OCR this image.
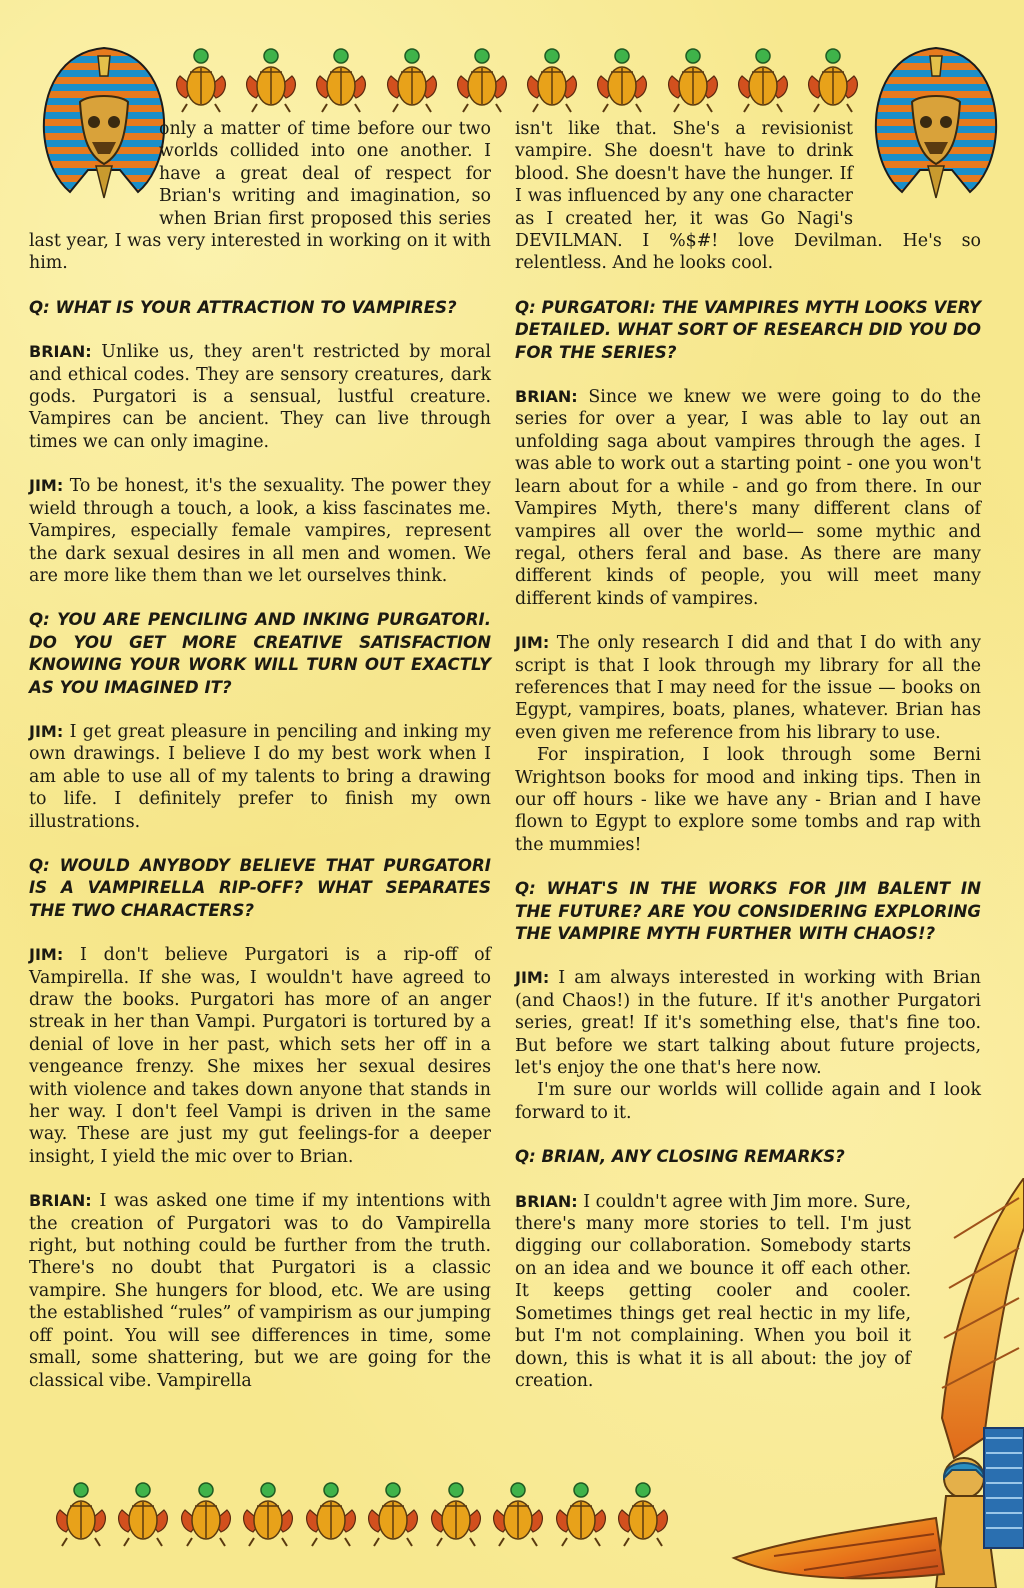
only a matter of time before our two worlds collided into one another. I have a great deal of respect for Brian's writing and imagination, so when Brian first proposed this series last year, I was very interested in working on it with him.

Q: WHAT IS YOUR ATTRACTION TO VAMPIRES?

BRIAN: Unlike us, they aren't restricted by moral and ethical codes. They are sensory creatures, dark gods. Purgatori is a sensual, lustful creature. Vampires can be ancient. They can live through times we can only imagine.

JIM: To be honest, it's the sexuality. The power they wield through a touch, a look, a kiss fascinates me. Vampires, especially female vampires, represent the dark sexual desires in all men and women. We are more like them than we let ourselves think.

Q: YOU ARE PENCILING AND INKING PURGATORI. DO YOU GET MORE CREATIVE SATISFACTION KNOWING YOUR WORK WILL TURN OUT EXACTLY AS YOU IMAGINED IT?

JIM: I get great pleasure in penciling and inking my own drawings. I believe I do my best work when I am able to use all of my talents to bring a drawing to life. I definitely prefer to finish my own illustrations.

Q: WOULD ANYBODY BELIEVE THAT PURGATORI IS A VAMPIRELLA RIP-OFF? WHAT SEPARATES THE TWO CHARACTERS?

JIM: I don't believe Purgatori is a rip-off of Vampirella. If she was, I wouldn't have agreed to draw the books. Purgatori has more of an anger streak in her than Vampi. Purgatori is tortured by a denial of love in her past, which sets her off in a vengeance frenzy. She mixes her sexual desires with violence and takes down anyone that stands in her way. I don't feel Vampi is driven in the same way. These are just my gut feelings-for a deeper insight, I yield the mic over to Brian.

BRIAN: I was asked one time if my intentions with the creation of Purgatori was to do Vampirella right, but nothing could be further from the truth. There's no doubt that Purgatori is a classic vampire. She hungers for blood, etc. We are using the established “rules” of vampirism as our jumping off point. You will see differences in time, some small, some shattering, but we are going for the classical vibe. Vampirella

isn't like that. She's a revisionist vampire. She doesn't have to drink blood. She doesn't have the hunger. If I was influenced by any one character as I created her, it was Go Nagi's DEVILMAN. I %$#! love Devilman. He's so relentless. And he looks cool.

Q: PURGATORI: THE VAMPIRES MYTH LOOKS VERY DETAILED. WHAT SORT OF RESEARCH DID YOU DO FOR THE SERIES?

BRIAN: Since we knew we were going to do the series for over a year, I was able to lay out an unfolding saga about vampires through the ages. I was able to work out a starting point - one you won't learn about for a while - and go from there. In our Vampires Myth, there's many different clans of vampires all over the world— some mythic and regal, others feral and base. As there are many different kinds of people, you will meet many different kinds of vampires.

JIM: The only research I did and that I do with any script is that I look through my library for all the references that I may need for the issue — books on Egypt, vampires, boats, planes, whatever. Brian has even given me reference from his library to use.

For inspiration, I look through some Berni Wrightson books for mood and inking tips. Then in our off hours - like we have any - Brian and I have flown to Egypt to explore some tombs and rap with the mummies!

Q: WHAT'S IN THE WORKS FOR JIM BALENT IN THE FUTURE? ARE YOU CONSIDERING EXPLORING THE VAMPIRE MYTH FURTHER WITH CHAOS!?

JIM: I am always interested in working with Brian (and Chaos!) in the future. If it's another Purgatori series, great! If it's something else, that's fine too. But before we start talking about future projects, let's enjoy the one that's here now.

I'm sure our worlds will collide again and I look forward to it.

Q: BRIAN, ANY CLOSING REMARKS?

BRIAN: I couldn't agree with Jim more. Sure, there's many more stories to tell. I'm just digging our collaboration. Somebody starts on an idea and we bounce it off each other. It keeps getting cooler and cooler. Sometimes things get real hectic in my life, but I'm not complaining. When you boil it down, this is what it is all about: the joy of creation.
